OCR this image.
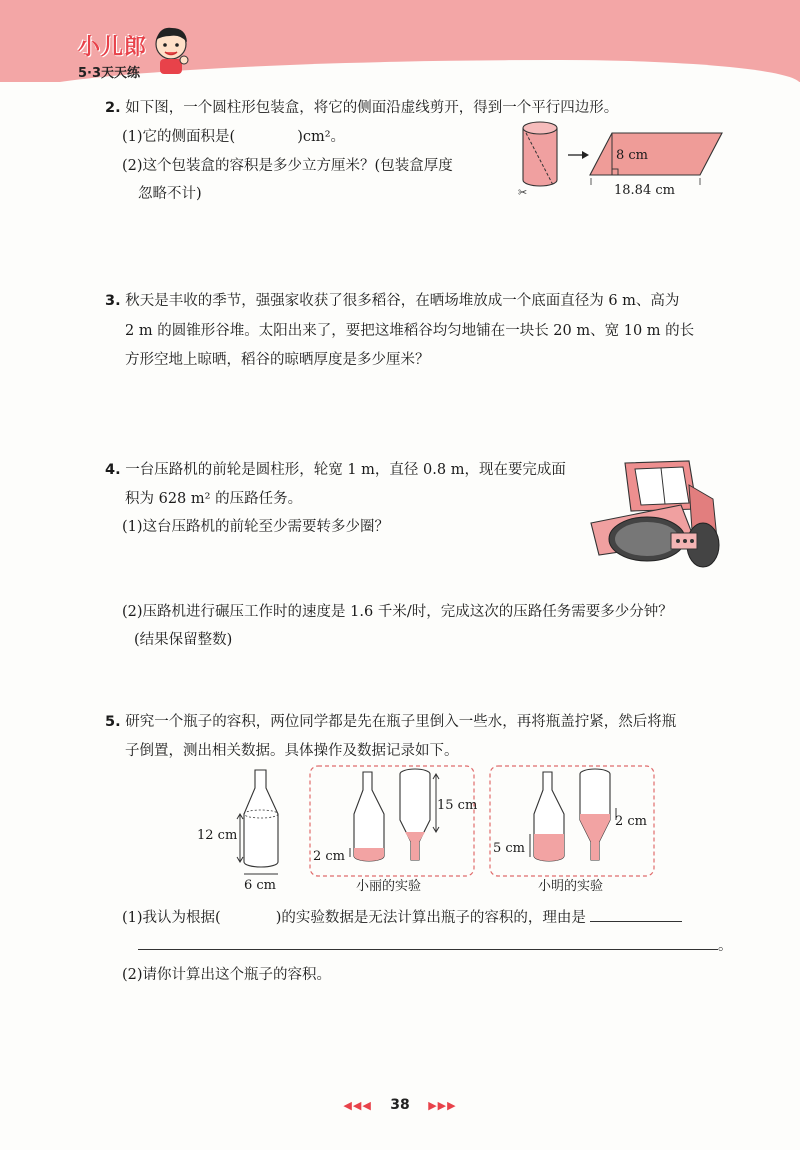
小儿郎
5·3天天练
2. 如下图，一个圆柱形包装盒，将它的侧面沿虚线剪开，得到一个平行四边形。
(1)它的侧面积是(	)cm²。
(2)这个包装盒的容积是多少立方厘米？(包装盒厚度
忽略不计)	✂
8 cm
18.84 cm
3. 秋天是丰收的季节，强强家收获了很多稻谷，在晒场堆放成一个底面直径为 6 m、高为
2 m 的圆锥形谷堆。太阳出来了，要把这堆稻谷均匀地铺在一块长 20 m、宽 10 m 的长
方形空地上晾晒，稻谷的晾晒厚度是多少厘米？
4. 一台压路机的前轮是圆柱形，轮宽 1 m，直径 0.8 m，现在要完成面
积为 628 m² 的压路任务。
(1)这台压路机的前轮至少需要转多少圈？
(2)压路机进行碾压工作时的速度是 1.6 千米/时，完成这次的压路任务需要多少分钟？
(结果保留整数)
5. 研究一个瓶子的容积，两位同学都是先在瓶子里倒入一些水，再将瓶盖拧紧，然后将瓶
子倒置，测出相关数据。具体操作及数据记录如下。
12 cm
6 cm
15 cm
2 cm
2 cm
5 cm
小丽的实验	小明的实验
(1)我认为根据(	)的实验数据是无法计算出瓶子的容积的，理由是
。
(2)请你计算出这个瓶子的容积。
◀◀◀ 38 ▶▶▶
